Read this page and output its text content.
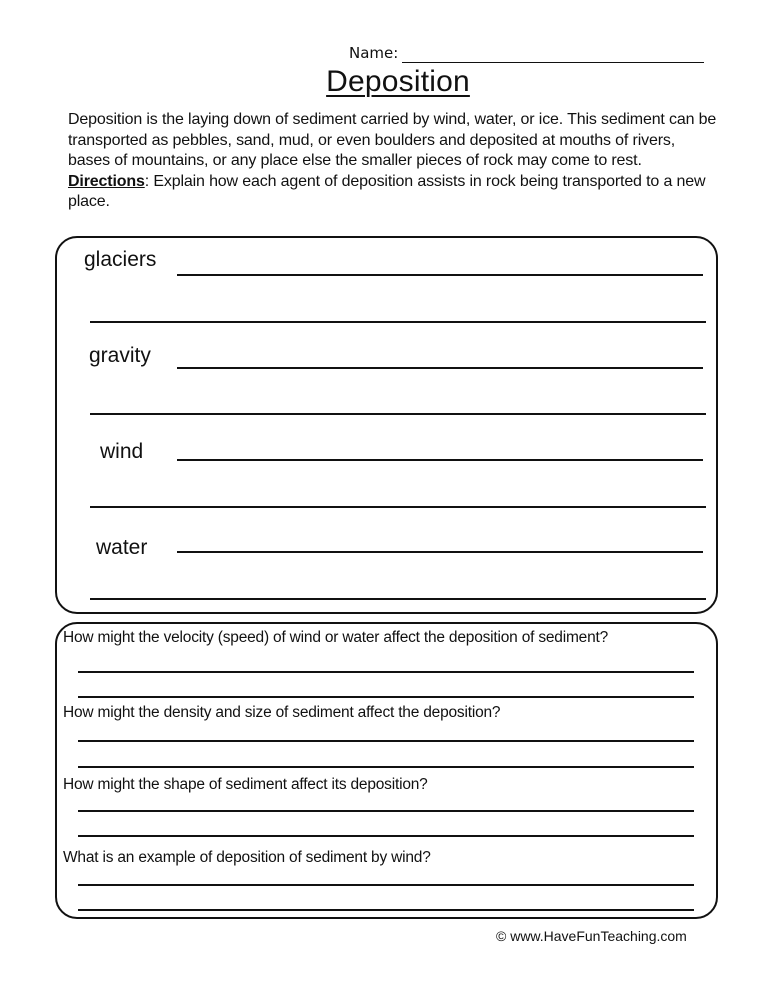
Name:
Deposition
Deposition is the laying down of sediment carried by wind, water, or ice. This sediment can be transported as pebbles, sand, mud, or even boulders and deposited at mouths of rivers, bases of mountains, or any place else the smaller pieces of rock may come to rest.
Directions: Explain how each agent of deposition assists in rock being transported to a new place.
glaciers
gravity
wind
water
How might the velocity (speed) of wind or water affect the deposition of sediment?
How might the density and size of sediment affect the deposition?
How might the shape of sediment affect its deposition?
What is an example of deposition of sediment by wind?
© www.HaveFunTeaching.com
